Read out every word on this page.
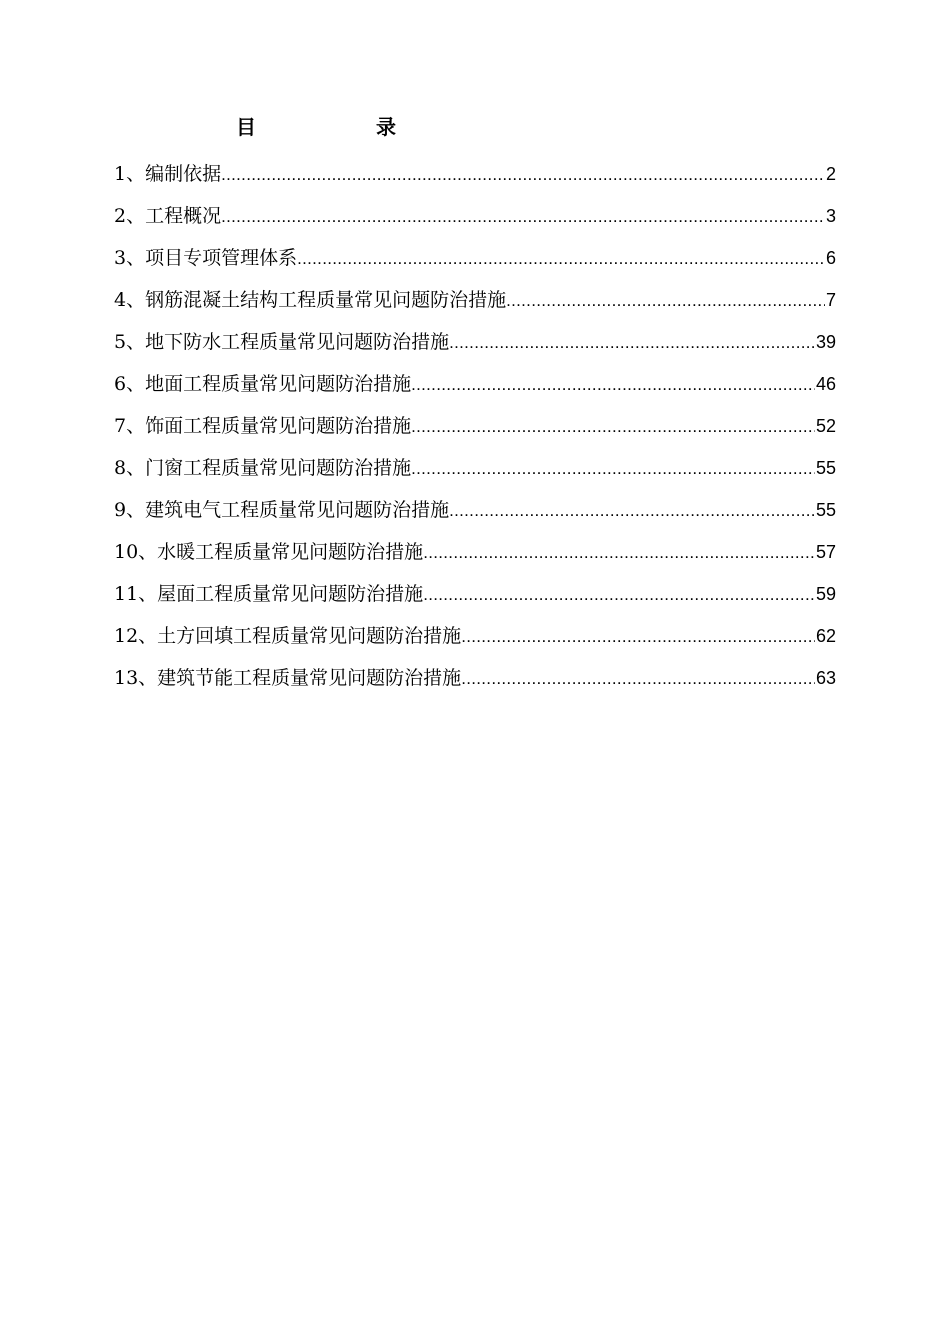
目	录
1、编制依据 .....	2
2、工程概况 .....	3
3、项目专项管理体系 .....	6
4、钢筋混凝土结构工程质量常见问题防治措施 .....	7
5、地下防水工程质量常见问题防治措施 .....	39
6、地面工程质量常见问题防治措施 .....	46
7、饰面工程质量常见问题防治措施 .....	52
8、门窗工程质量常见问题防治措施 .....	55
9、建筑电气工程质量常见问题防治措施 .....	55
10、水暖工程质量常见问题防治措施 .....	57
11、屋面工程质量常见问题防治措施 .....	59
12、土方回填工程质量常见问题防治措施 .....	62
13、建筑节能工程质量常见问题防治措施 .....	63
